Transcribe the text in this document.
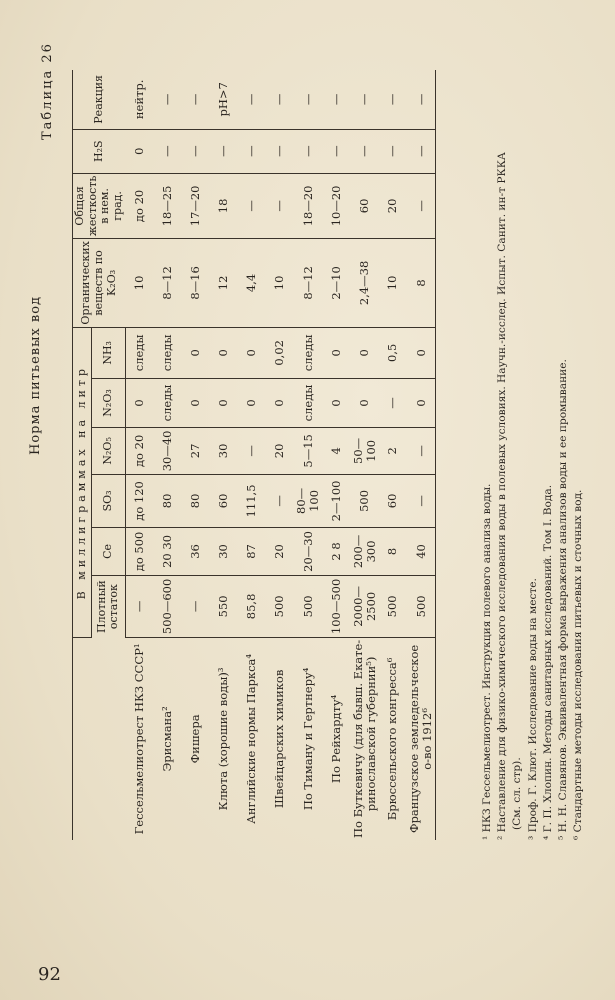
92
Норма питьевых вод
Таблица 26
	В миллиграммах на литр						Органических веществ по K₂O₃	Общая жесткость в нем. град.	H₂S	Реакция
	Плотный остаток	Ce	SO₃	N₂O₅	N₂O₃	NH₃				
Гессельмелиотрест НКЗ СССР¹	—	до 500	до 120	до 20	0	следы	10	до 20	0	нейтр.
Эрисмана²	500—600	20 30	80	30—40	следы	следы	8—12	18—25	—	—
Фишера	—	36	80	27	0	0	8—16	17—20	—	—
Клюта (хорошие воды)³	550	30	60	30	0	0	12	18	—	pH>7
Английские нормы Паркса⁴	85,8	87	111,5	—	0	0	4,4	—	—	—
Швейцарских химиков	500	20	—	20	0	0,02	10	—	—	—
По Тиману и Гертнеру⁴	500	20—30	80—100	5—15	следы	следы	8—12	18—20	—	—
По Рейхардту⁴	100—500	2 8	2—100	4	0	0	2—10	10—20	—	—

По Буткевичу (для бывш. Екате- ринославской губернии⁵)	2000—2500	200—300	500	50—100	0	0	2,4—38	60	—	—
Брюссельского конгресса⁶	500	8	60	2	—	0,5	10	20	—	—

Французское земледельческое о-во 1912⁶	500	40	—	—	0	0	8	—	—	—

¹ НКЗ Гессельмелиотрест. Инструкция полевого анализа воды. ² Наставление для физико-химического исследования воды в полевых условиях. Научн.-исслед. Испыт. Санит. ин-т РККА (См. сл. стр). ³ Проф. Г. Клют. Исследование воды на месте. ⁴ Г. П. Хлопин. Методы санитарных исследований. Том I. Вода. ⁵ Н. Н. Славянов. Эквивалентная форма выражения анализов воды и ее промывание. ⁶ Стандартные методы исследования питьевых и сточных вод.
